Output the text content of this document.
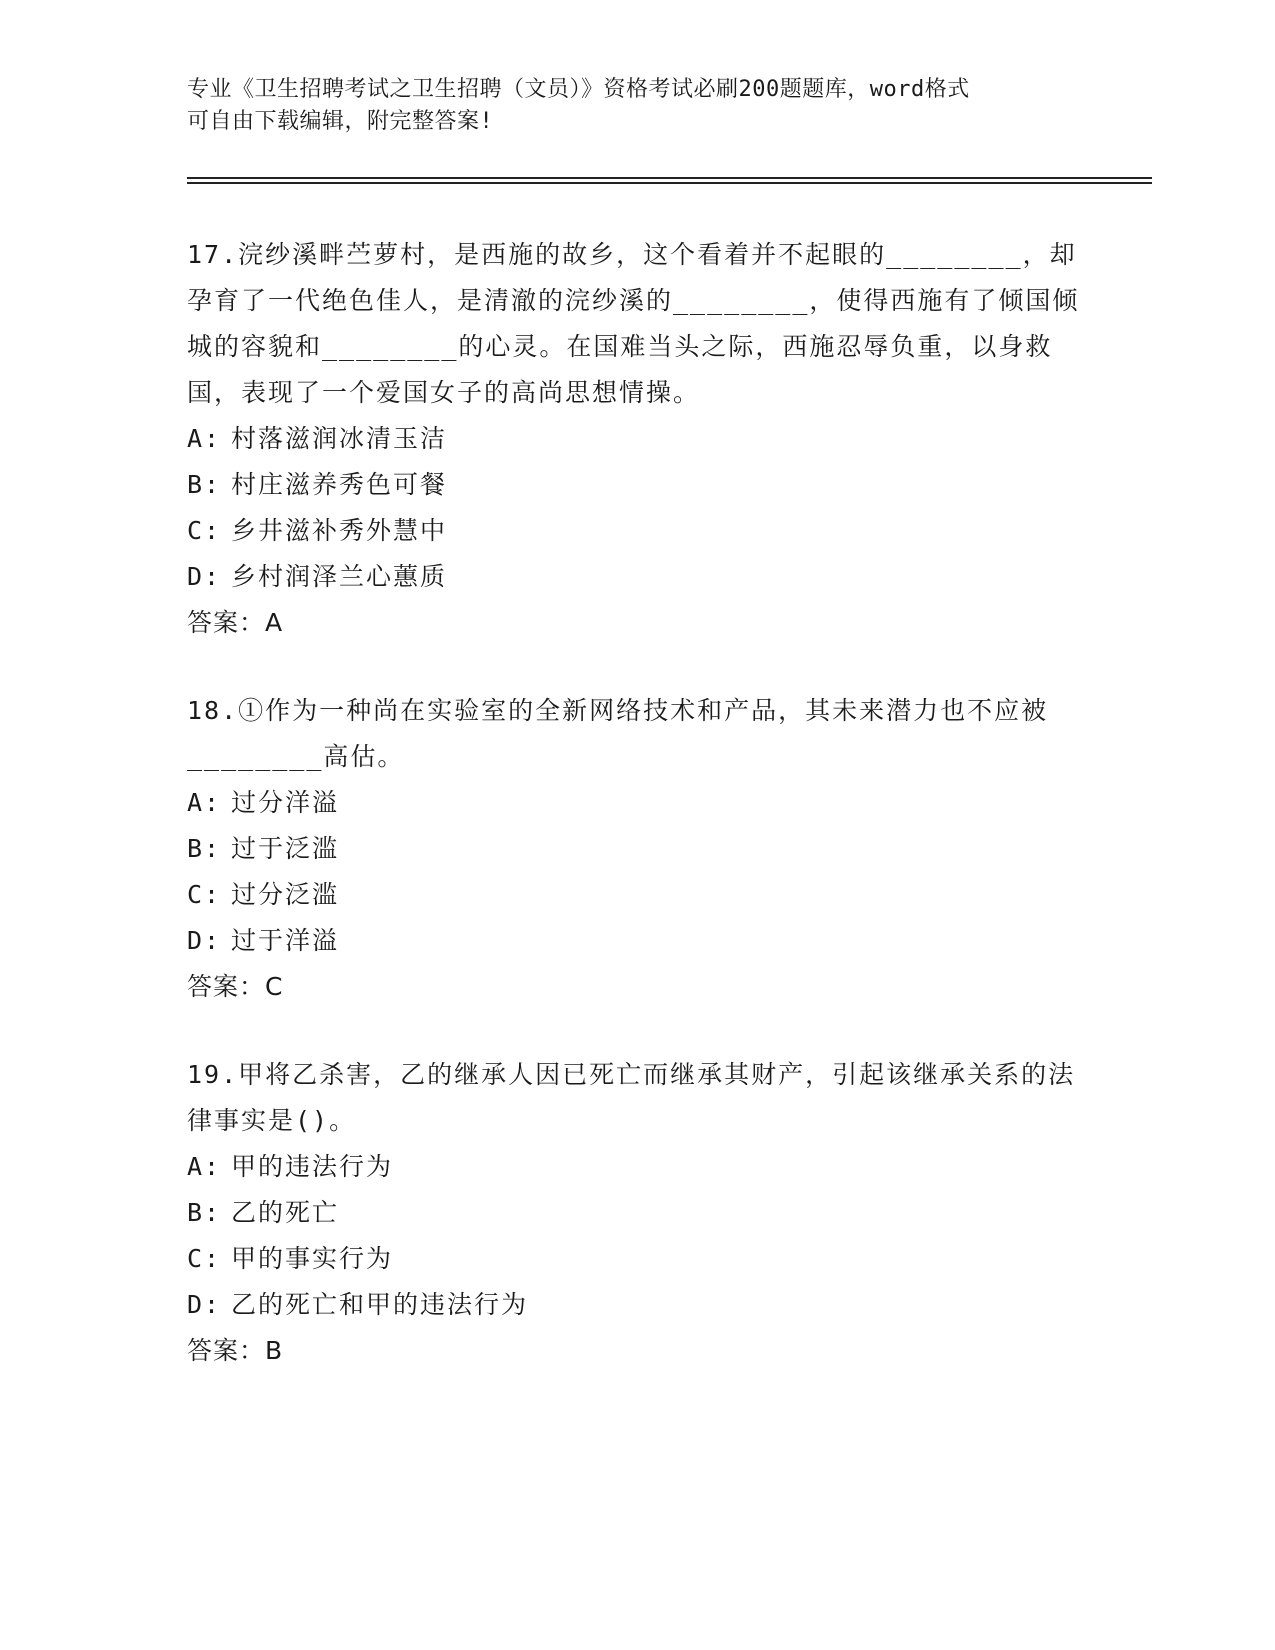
专业《卫生招聘考试之卫生招聘（文员）》资格考试必刷200题题库，word格式
可自由下载编辑，附完整答案!

17.浣纱溪畔苎萝村，是西施的故乡，这个看着并不起眼的________，却孕育了一代绝色佳人，是清澈的浣纱溪的________，使得西施有了倾国倾城的容貌和________的心灵。在国难当头之际，西施忍辱负重，以身救国，表现了一个爱国女子的高尚思想情操。

A: 村落滋润冰清玉洁

B: 村庄滋养秀色可餐

C: 乡井滋补秀外慧中

D: 乡村润泽兰心蕙质

答案：A

18.①作为一种尚在实验室的全新网络技术和产品，其未来潜力也不应被________高估。

A: 过分洋溢

B: 过于泛滥

C: 过分泛滥

D: 过于洋溢

答案：C

19.甲将乙杀害，乙的继承人因已死亡而继承其财产，引起该继承关系的法律事实是()。

A: 甲的违法行为

B: 乙的死亡

C: 甲的事实行为

D: 乙的死亡和甲的违法行为

答案：B
